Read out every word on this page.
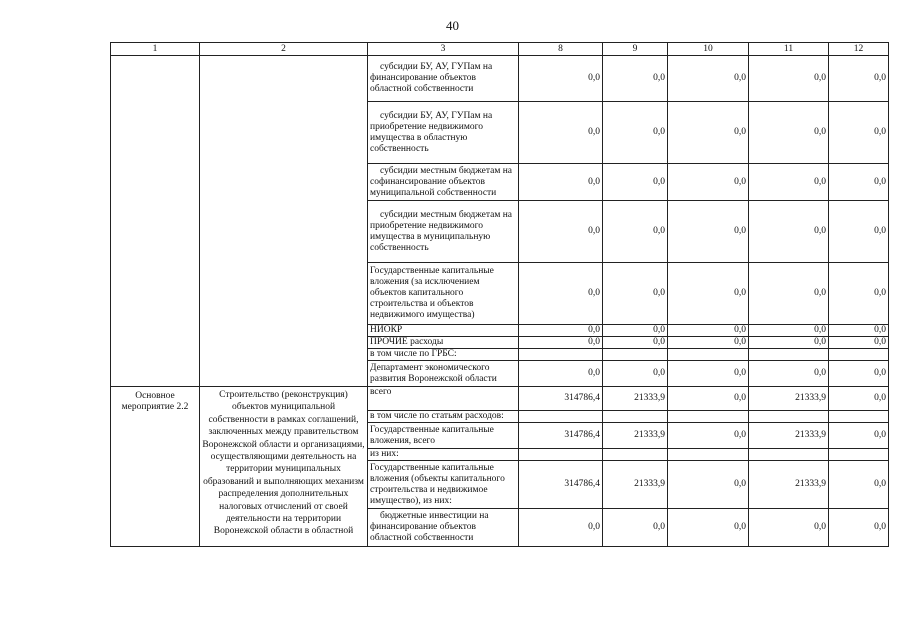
40
1	2	3	8	9	10	11	12
		субсидии БУ, АУ, ГУПам на финансирование объектов областной собственности	0,0	0,0	0,0	0,0	0,0
		субсидии БУ, АУ, ГУПам на приобретение недвижимого имущества в областную собственность	0,0	0,0	0,0	0,0	0,0
		субсидии местным бюджетам на софинансирование объектов муниципальной собственности	0,0	0,0	0,0	0,0	0,0
		субсидии местным бюджетам на приобретение недвижимого имущества в муниципальную собственность	0,0	0,0	0,0	0,0	0,0
		Государственные капитальные вложения (за исключением объектов капитального строительства и объектов недвижимого имущества)	0,0	0,0	0,0	0,0	0,0
		НИОКР	0,0	0,0	0,0	0,0	0,0
		ПРОЧИЕ расходы	0,0	0,0	0,0	0,0	0,0
		в том числе по ГРБС:					
		Департамент экономического развития Воронежской области	0,0	0,0	0,0	0,0	0,0
Основное мероприятие 2.2	Строительство (реконструкция) объектов муниципальной собственности в рамках соглашений, заключенных между правительством Воронежской области и организациями, осуществляющими деятельность на территории муниципальных образований и выполняющих механизм распределения дополнительных налоговых отчислений от своей деятельности на территории Воронежской области в областной	всего	314786,4	21333,9	0,0	21333,9	0,0
		в том числе по статьям расходов:					
		Государственные капитальные вложения, всего	314786,4	21333,9	0,0	21333,9	0,0
		из них:					
		Государственные капитальные вложения (объекты капитального строительства и недвижимое имущество), из них:	314786,4	21333,9	0,0	21333,9	0,0
		бюджетные инвестиции на финансирование объектов областной собственности	0,0	0,0	0,0	0,0	0,0
